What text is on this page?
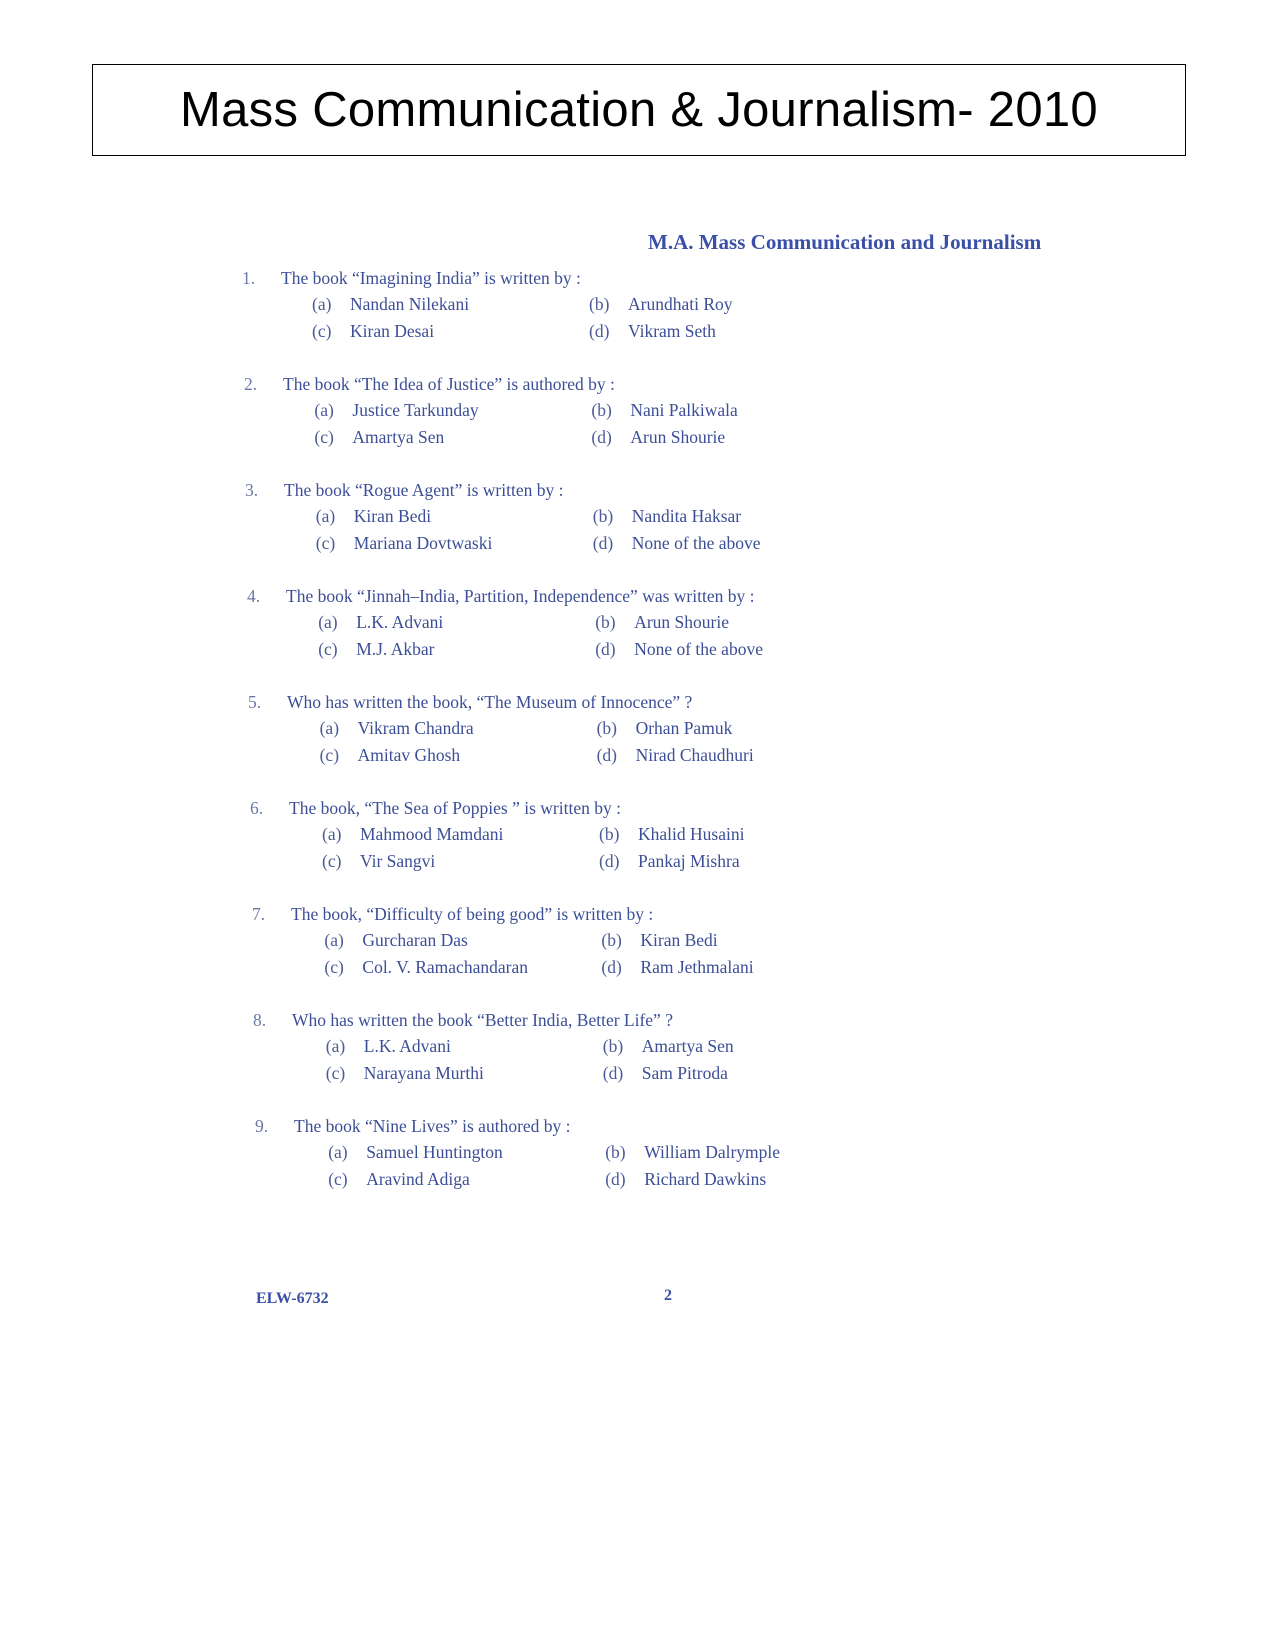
Mass Communication & Journalism- 2010
M.A. Mass Communication and Journalism
1. The book “Imagining India” is written by :
(a) Nandan Nilekani	(b) Arundhati Roy
(c) Kiran Desai	(d) Vikram Seth
2. The book “The Idea of Justice” is authored by :
(a) Justice Tarkunday	(b) Nani Palkiwala
(c) Amartya Sen	(d) Arun Shourie
3. The book “Rogue Agent” is written by :
(a) Kiran Bedi	(b) Nandita Haksar
(c) Mariana Dovtwaski	(d) None of the above
4. The book “Jinnah–India, Partition, Independence” was written by :
(a) L.K. Advani	(b) Arun Shourie
(c) M.J. Akbar	(d) None of the above
5. Who has written the book, “The Museum of Innocence” ?
(a) Vikram Chandra	(b) Orhan Pamuk
(c) Amitav Ghosh	(d) Nirad Chaudhuri
6. The book, “The Sea of Poppies ” is written by :
(a) Mahmood Mamdani	(b) Khalid Husaini
(c) Vir Sangvi	(d) Pankaj Mishra
7. The book, “Difficulty of being good” is written by :
(a) Gurcharan Das	(b) Kiran Bedi
(c) Col. V. Ramachandaran	(d) Ram Jethmalani
8. Who has written the book “Better India, Better Life” ?
(a) L.K. Advani	(b) Amartya Sen
(c) Narayana Murthi	(d) Sam Pitroda
9. The book “Nine Lives” is authored by :
(a) Samuel Huntington	(b) William Dalrymple
(c) Aravind Adiga	(d) Richard Dawkins
ELW-6732	2
